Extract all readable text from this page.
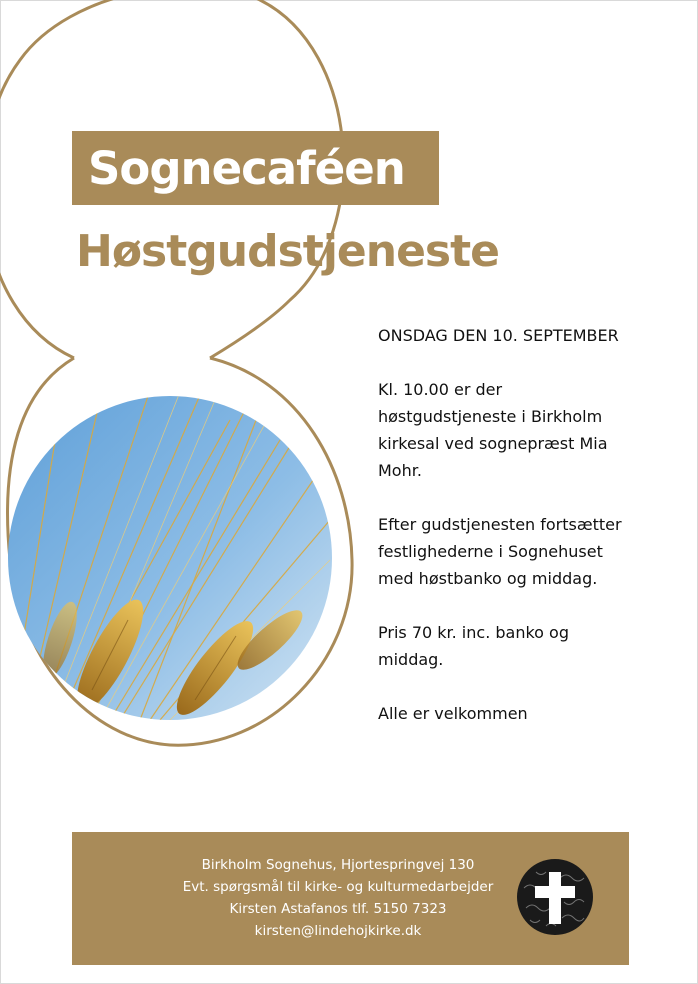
Sognecaféen
Høstgudstjeneste
ONSDAG DEN 10. SEPTEMBER
Kl. 10.00 er der
høstgudstjeneste i Birkholm
kirkesal ved sognepræst Mia
Mohr.
Efter gudstjenesten fortsætter
festlighederne i Sognehuset
med høstbanko og middag.
Pris 70 kr. inc. banko og
middag.
Alle er velkommen
Birkholm Sognehus, Hjortespringvej 130
Evt. spørgsmål til kirke- og kulturmedarbejder
Kirsten Astafanos tlf. 5150 7323
kirsten@lindehojkirke.dk
